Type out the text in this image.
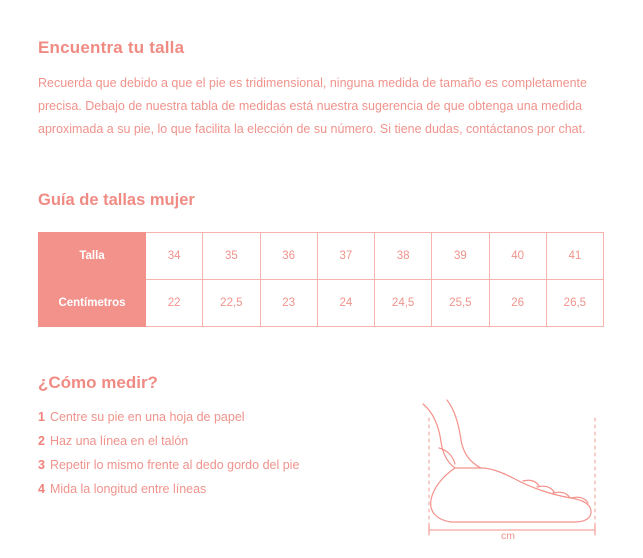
Encuentra tu talla

Recuerda que debido a que el pie es tridimensional, ninguna medida de tamaño es completamente precisa. Debajo de nuestra tabla de medidas está nuestra sugerencia de que obtenga una medida aproximada a su pie, lo que facilita la elección de su número. Si tiene dudas, contáctanos por chat.

Guía de tallas mujer
Talla	34	35	36	37	38	39	40	41
Centímetros	22	22,5	23	24	24,5	25,5	26	26,5
¿Cómo medir?
1 Centre su pie en una hoja de papel
2 Haz una línea en el talón
3 Repetir lo mismo frente al dedo gordo del pie
4 Mida la longitud entre líneas
cm
